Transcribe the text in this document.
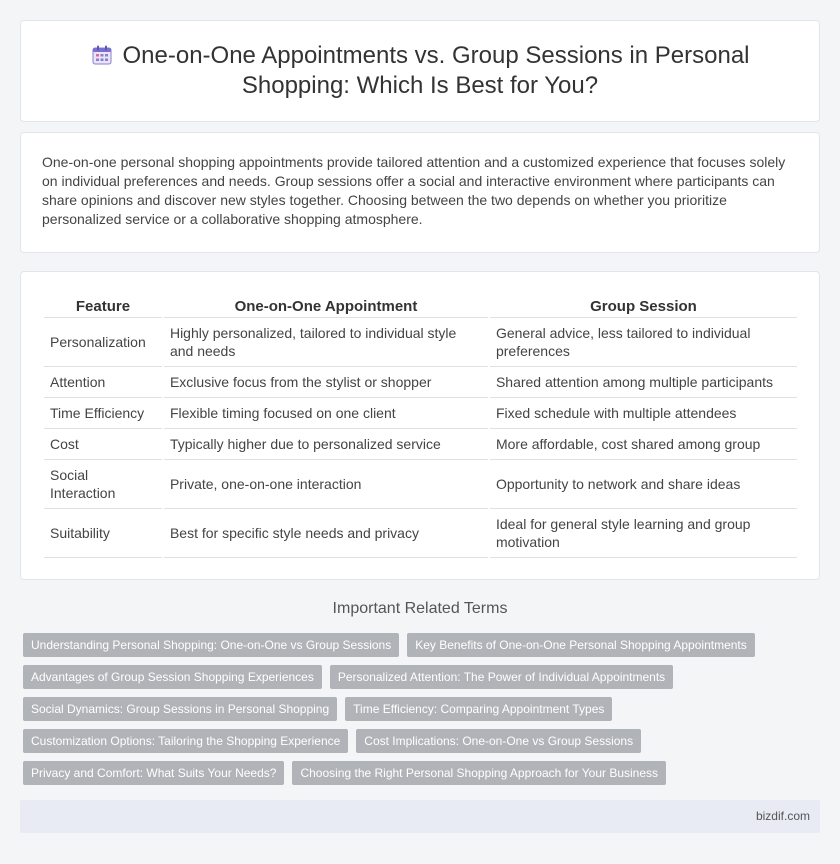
One-on-One Appointments vs. Group Sessions in Personal Shopping: Which Is Best for You?

One-on-one personal shopping appointments provide tailored attention and a customized experience that focuses solely on individual preferences and needs. Group sessions offer a social and interactive environment where participants can share opinions and discover new styles together. Choosing between the two depends on whether you prioritize personalized service or a collaborative shopping atmosphere.

Feature	One-on-One Appointment	Group Session
Personalization	Highly personalized, tailored to individual style and needs	General advice, less tailored to individual preferences
Attention	Exclusive focus from the stylist or shopper	Shared attention among multiple participants
Time Efficiency	Flexible timing focused on one client	Fixed schedule with multiple attendees
Cost	Typically higher due to personalized service	More affordable, cost shared among group
Social Interaction	Private, one-on-one interaction	Opportunity to network and share ideas
Suitability	Best for specific style needs and privacy	Ideal for general style learning and group motivation
Important Related Terms
Understanding Personal Shopping: One-on-One vs Group Sessions	Key Benefits of One-on-One Personal Shopping Appointments
Advantages of Group Session Shopping Experiences	Personalized Attention: The Power of Individual Appointments
Social Dynamics: Group Sessions in Personal Shopping	Time Efficiency: Comparing Appointment Types
Customization Options: Tailoring the Shopping Experience	Cost Implications: One-on-One vs Group Sessions
Privacy and Comfort: What Suits Your Needs?	Choosing the Right Personal Shopping Approach for Your Business
bizdif.com
